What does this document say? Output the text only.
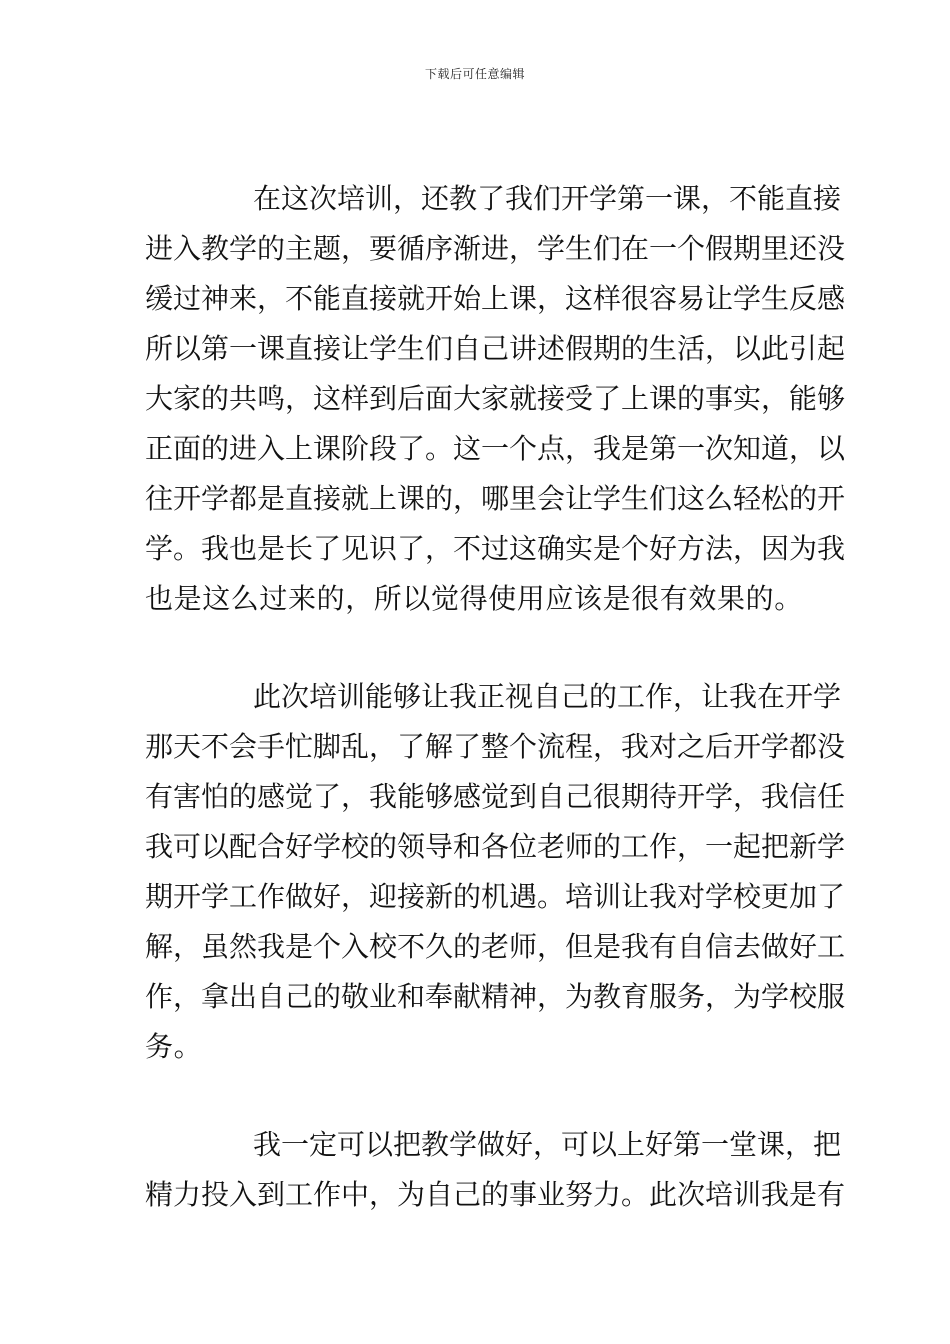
下载后可任意编辑
在这次培训，还教了我们开学第一课，不能直接
进入教学的主题，要循序渐进，学生们在一个假期里还没
缓过神来，不能直接就开始上课，这样很容易让学生反感
所以第一课直接让学生们自己讲述假期的生活，以此引起
大家的共鸣，这样到后面大家就接受了上课的事实，能够
正面的进入上课阶段了。这一个点，我是第一次知道，以
往开学都是直接就上课的，哪里会让学生们这么轻松的开
学。我也是长了见识了，不过这确实是个好方法，因为我
也是这么过来的，所以觉得使用应该是很有效果的。
此次培训能够让我正视自己的工作，让我在开学
那天不会手忙脚乱，了解了整个流程，我对之后开学都没
有害怕的感觉了，我能够感觉到自己很期待开学，我信任
我可以配合好学校的领导和各位老师的工作，一起把新学
期开学工作做好，迎接新的机遇。培训让我对学校更加了
解，虽然我是个入校不久的老师，但是我有自信去做好工
作，拿出自己的敬业和奉献精神，为教育服务，为学校服
务。
我一定可以把教学做好，可以上好第一堂课，把
精力投入到工作中，为自己的事业努力。此次培训我是有
